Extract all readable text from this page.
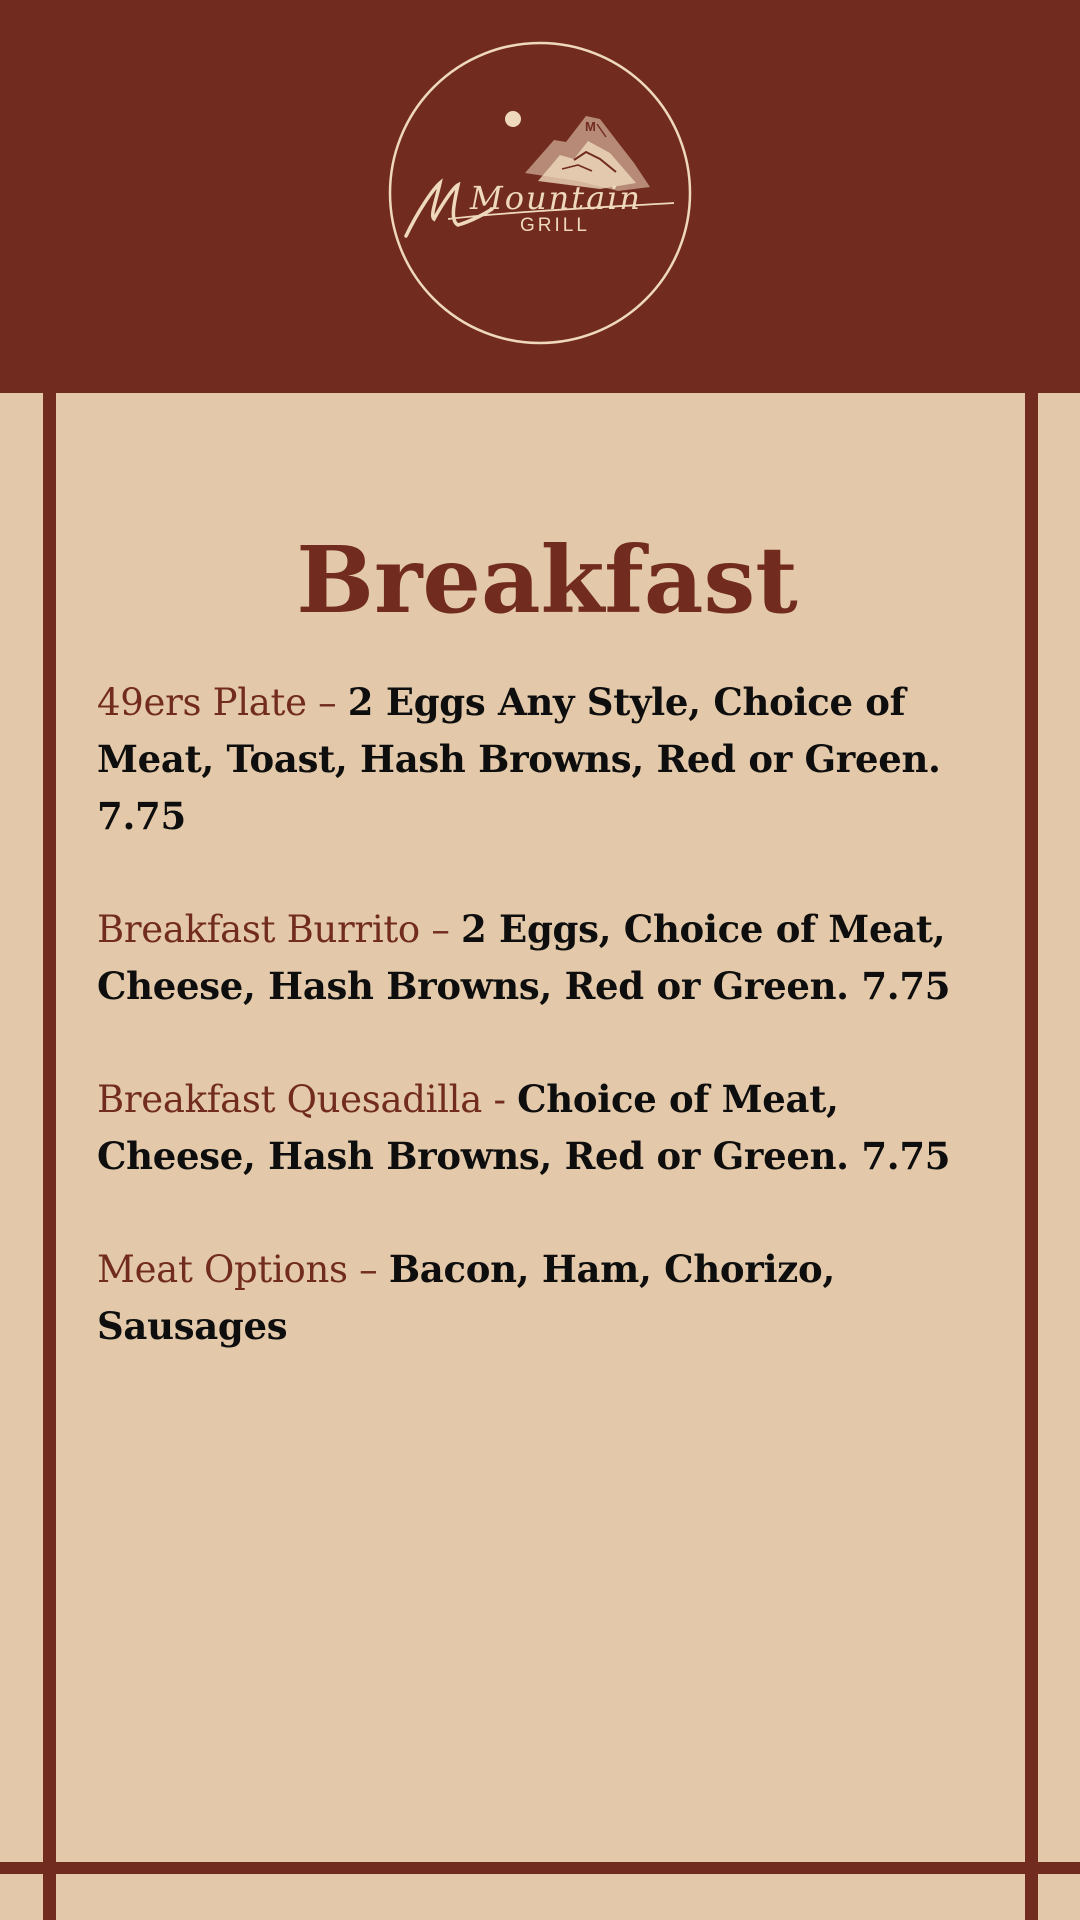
M
Mountain
GRILL
Breakfast

49ers Plate – 2 Eggs Any Style, Choice of Meat, Toast, Hash Browns, Red or Green. 7.75

Breakfast Burrito – 2 Eggs, Choice of Meat, Cheese, Hash Browns, Red or Green. 7.75

Breakfast Quesadilla - Choice of Meat, Cheese, Hash Browns, Red or Green. 7.75

Meat Options – Bacon, Ham, Chorizo, Sausages
